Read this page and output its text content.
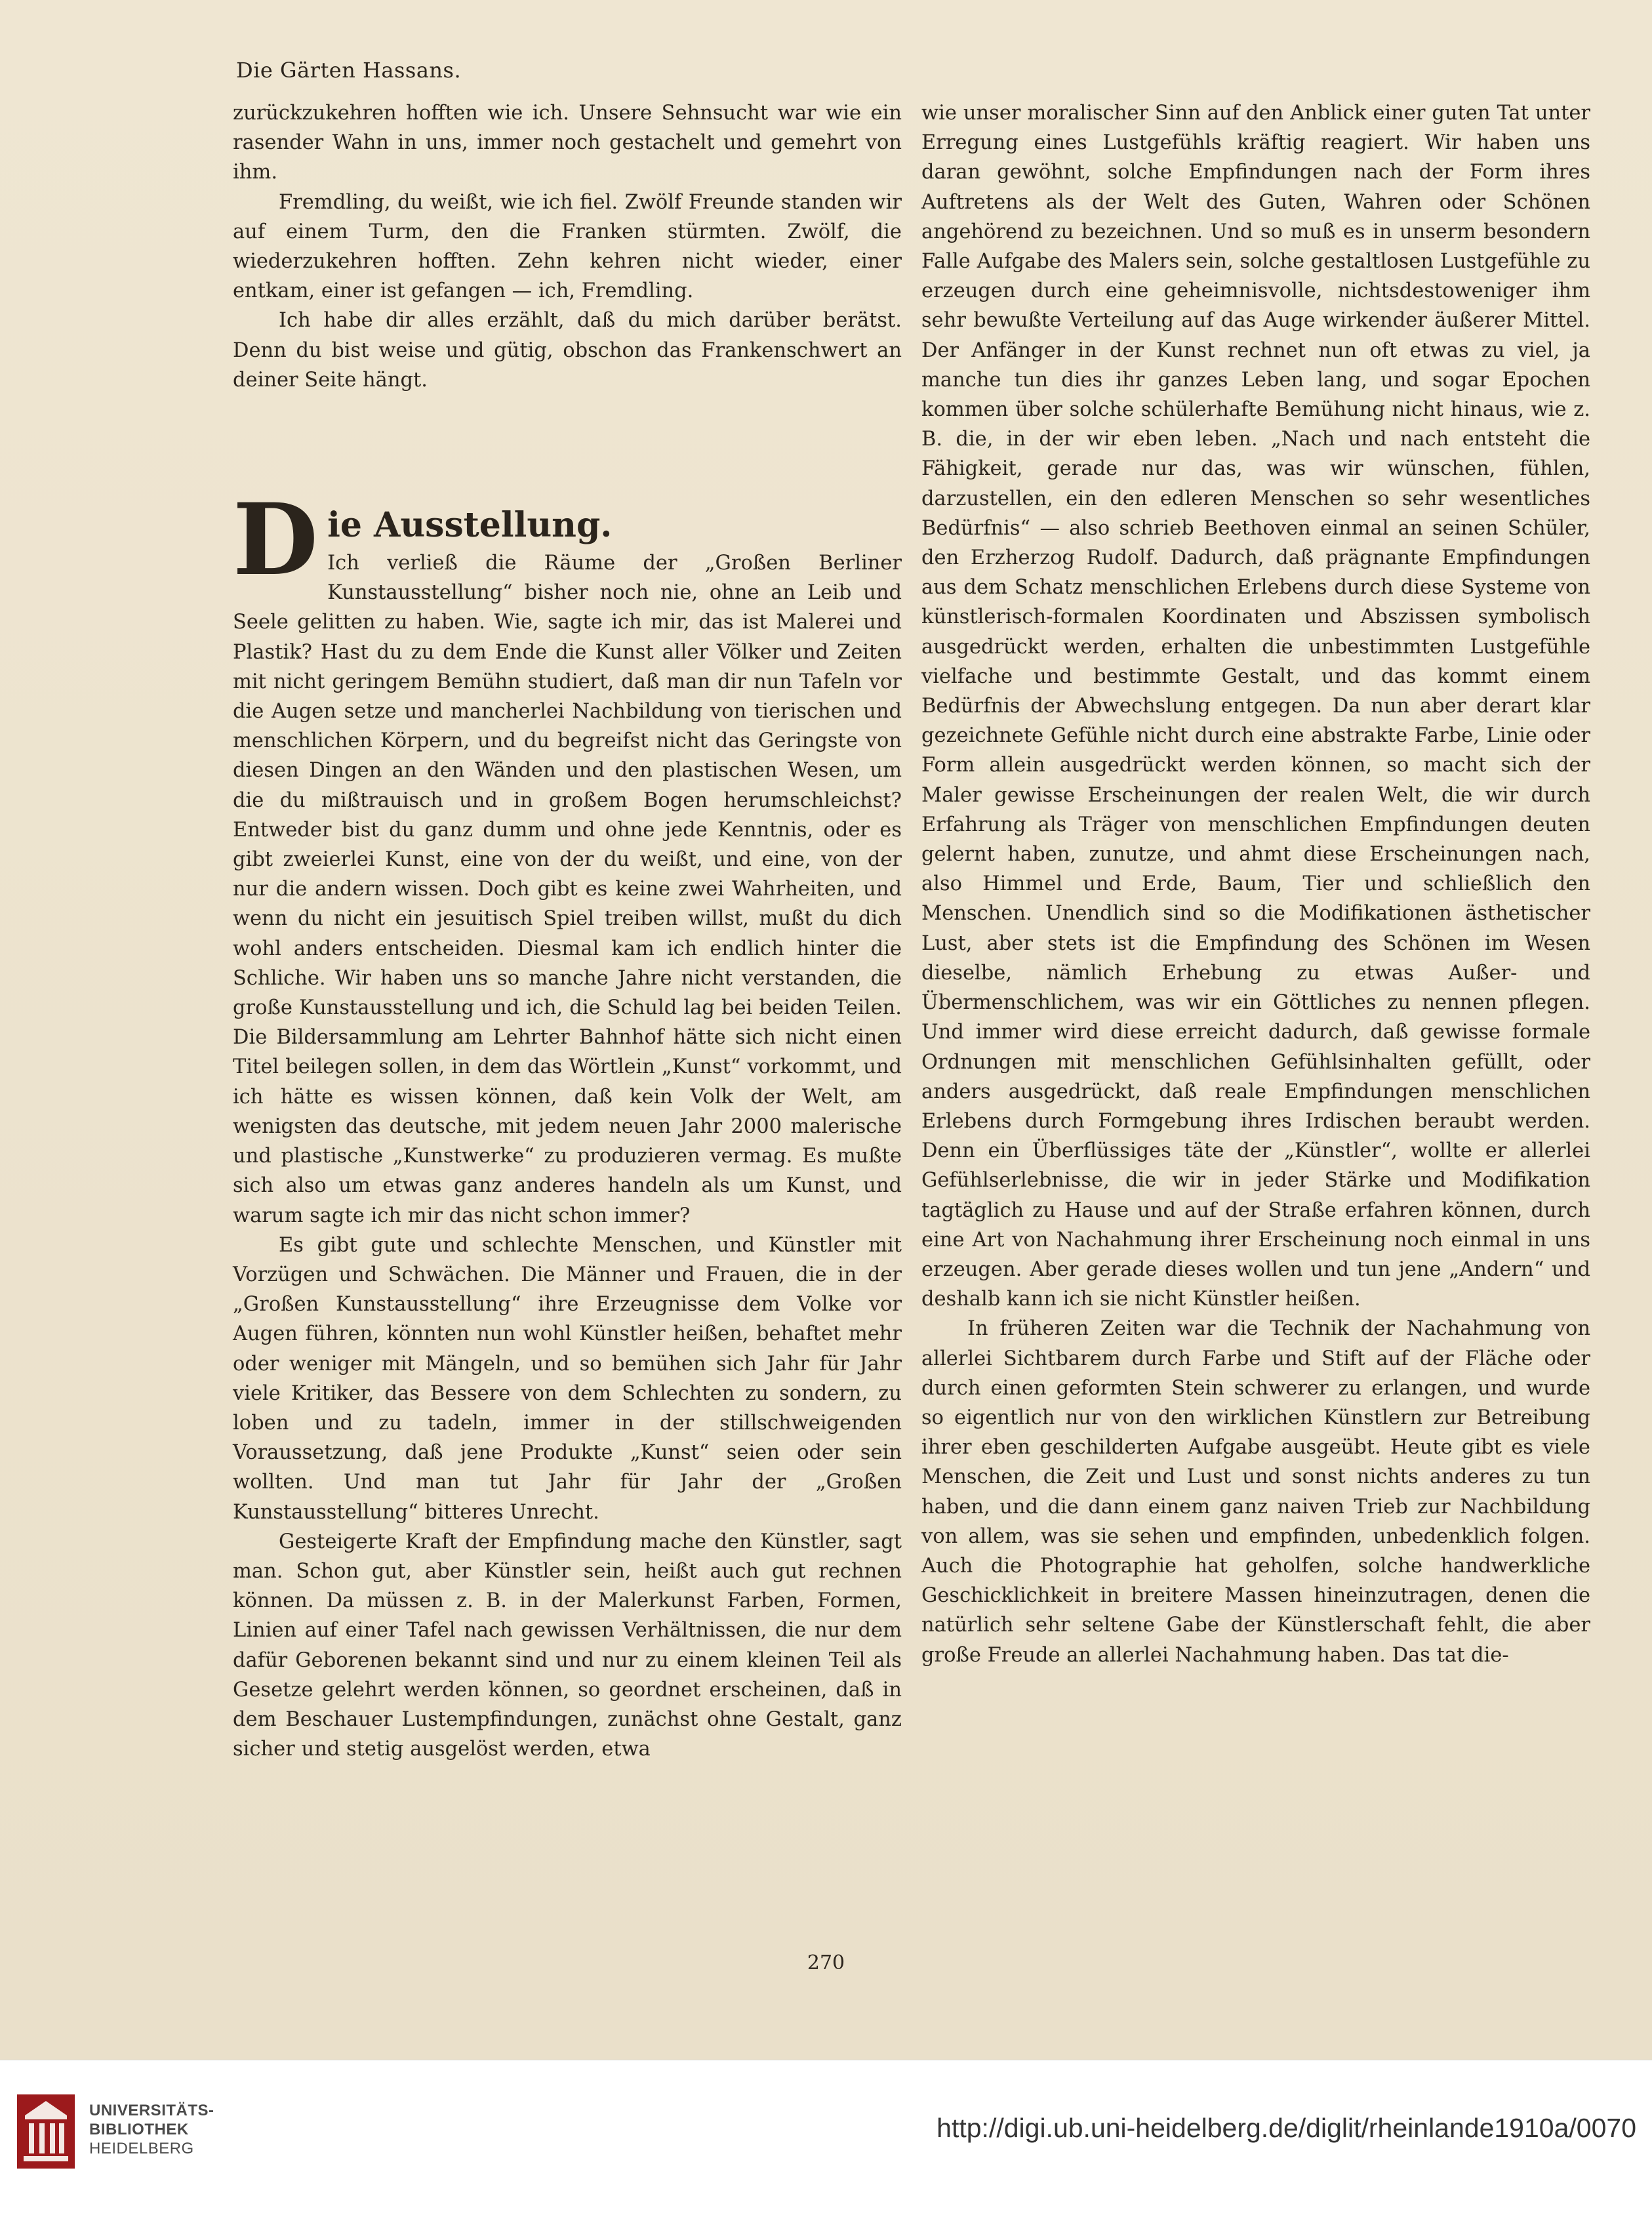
Die Gärten Hassans.

zurückzukehren hofften wie ich. Unsere Sehnsucht war wie ein rasender Wahn in uns, immer noch gestachelt und gemehrt von ihm.

Fremdling, du weißt, wie ich fiel. Zwölf Freunde standen wir auf einem Turm, den die Franken stürmten. Zwölf, die wiederzukehren hofften. Zehn kehren nicht wieder, einer entkam, einer ist gefangen — ich, Fremdling.

Ich habe dir alles erzählt, daß du mich darüber berätst. Denn du bist weise und gütig, obschon das Frankenschwert an deiner Seite hängt.

D ie Ausstellung.

Ich verließ die Räume der „Großen Berliner Kunstausstellung“ bisher noch nie, ohne an Leib und Seele gelitten zu haben. Wie, sagte ich mir, das ist Malerei und Plastik? Hast du zu dem Ende die Kunst aller Völker und Zeiten mit nicht geringem Bemühn studiert, daß man dir nun Tafeln vor die Augen setze und mancherlei Nachbildung von tierischen und menschlichen Körpern, und du begreifst nicht das Geringste von diesen Dingen an den Wänden und den plastischen Wesen, um die du mißtrauisch und in großem Bogen herumschleichst? Entweder bist du ganz dumm und ohne jede Kenntnis, oder es gibt zweierlei Kunst, eine von der du weißt, und eine, von der nur die andern wissen. Doch gibt es keine zwei Wahrheiten, und wenn du nicht ein jesuitisch Spiel treiben willst, mußt du dich wohl anders entscheiden. Diesmal kam ich endlich hinter die Schliche. Wir haben uns so manche Jahre nicht verstanden, die große Kunstausstellung und ich, die Schuld lag bei beiden Teilen. Die Bildersammlung am Lehrter Bahnhof hätte sich nicht einen Titel beilegen sollen, in dem das Wörtlein „Kunst“ vorkommt, und ich hätte es wissen können, daß kein Volk der Welt, am wenigsten das deutsche, mit jedem neuen Jahr 2000 malerische und plastische „Kunstwerke“ zu produzieren vermag. Es mußte sich also um etwas ganz anderes handeln als um Kunst, und warum sagte ich mir das nicht schon immer?

Es gibt gute und schlechte Menschen, und Künstler mit Vorzügen und Schwächen. Die Männer und Frauen, die in der „Großen Kunstausstellung“ ihre Erzeugnisse dem Volke vor Augen führen, könnten nun wohl Künstler heißen, behaftet mehr oder weniger mit Mängeln, und so bemühen sich Jahr für Jahr viele Kritiker, das Bessere von dem Schlechten zu sondern, zu loben und zu tadeln, immer in der stillschweigenden Voraussetzung, daß jene Produkte „Kunst“ seien oder sein wollten. Und man tut Jahr für Jahr der „Großen Kunstausstellung“ bitteres Unrecht.

Gesteigerte Kraft der Empfindung mache den Künstler, sagt man. Schon gut, aber Künstler sein, heißt auch gut rechnen können. Da müssen z. B. in der Malerkunst Farben, Formen, Linien auf einer Tafel nach gewissen Verhältnissen, die nur dem dafür Geborenen bekannt sind und nur zu einem kleinen Teil als Gesetze gelehrt werden können, so geordnet erscheinen, daß in dem Beschauer Lustempfindungen, zunächst ohne Gestalt, ganz sicher und stetig ausgelöst werden, etwa

wie unser moralischer Sinn auf den Anblick einer guten Tat unter Erregung eines Lustgefühls kräftig reagiert. Wir haben uns daran gewöhnt, solche Empfindungen nach der Form ihres Auftretens als der Welt des Guten, Wahren oder Schönen angehörend zu bezeichnen. Und so muß es in unserm besondern Falle Aufgabe des Malers sein, solche gestaltlosen Lustgefühle zu erzeugen durch eine geheimnisvolle, nichtsdestoweniger ihm sehr bewußte Verteilung auf das Auge wirkender äußerer Mittel. Der Anfänger in der Kunst rechnet nun oft etwas zu viel, ja manche tun dies ihr ganzes Leben lang, und sogar Epochen kommen über solche schülerhafte Bemühung nicht hinaus, wie z. B. die, in der wir eben leben. „Nach und nach entsteht die Fähigkeit, gerade nur das, was wir wünschen, fühlen, darzustellen, ein den edleren Menschen so sehr wesentliches Bedürfnis“ — also schrieb Beethoven einmal an seinen Schüler, den Erzherzog Rudolf. Dadurch, daß prägnante Empfindungen aus dem Schatz menschlichen Erlebens durch diese Systeme von künstlerisch-formalen Koordinaten und Abszissen symbolisch ausgedrückt werden, erhalten die unbestimmten Lustgefühle vielfache und bestimmte Gestalt, und das kommt einem Bedürfnis der Abwechslung entgegen. Da nun aber derart klar gezeichnete Gefühle nicht durch eine abstrakte Farbe, Linie oder Form allein ausgedrückt werden können, so macht sich der Maler gewisse Erscheinungen der realen Welt, die wir durch Erfahrung als Träger von menschlichen Empfindungen deuten gelernt haben, zunutze, und ahmt diese Erscheinungen nach, also Himmel und Erde, Baum, Tier und schließlich den Menschen. Unendlich sind so die Modifikationen ästhetischer Lust, aber stets ist die Empfindung des Schönen im Wesen dieselbe, nämlich Erhebung zu etwas Außer- und Übermenschlichem, was wir ein Göttliches zu nennen pflegen. Und immer wird diese erreicht dadurch, daß gewisse formale Ordnungen mit menschlichen Gefühlsinhalten gefüllt, oder anders ausgedrückt, daß reale Empfindungen menschlichen Erlebens durch Formgebung ihres Irdischen beraubt werden. Denn ein Überflüssiges täte der „Künstler“, wollte er allerlei Gefühlserlebnisse, die wir in jeder Stärke und Modifikation tagtäglich zu Hause und auf der Straße erfahren können, durch eine Art von Nachahmung ihrer Erscheinung noch einmal in uns erzeugen. Aber gerade dieses wollen und tun jene „Andern“ und deshalb kann ich sie nicht Künstler heißen.

In früheren Zeiten war die Technik der Nachahmung von allerlei Sichtbarem durch Farbe und Stift auf der Fläche oder durch einen geformten Stein schwerer zu erlangen, und wurde so eigentlich nur von den wirklichen Künstlern zur Betreibung ihrer eben geschilderten Aufgabe ausgeübt. Heute gibt es viele Menschen, die Zeit und Lust und sonst nichts anderes zu tun haben, und die dann einem ganz naiven Trieb zur Nachbildung von allem, was sie sehen und empfinden, unbedenklich folgen. Auch die Photographie hat geholfen, solche handwerkliche Geschicklichkeit in breitere Massen hineinzutragen, denen die natürlich sehr seltene Gabe der Künstlerschaft fehlt, die aber große Freude an allerlei Nachahmung haben. Das tat die-

270
UNIVERSITÄTS-
BIBLIOTHEK
HEIDELBERG
http://digi.ub.uni-heidelberg.de/diglit/rheinlande1910a/0070
